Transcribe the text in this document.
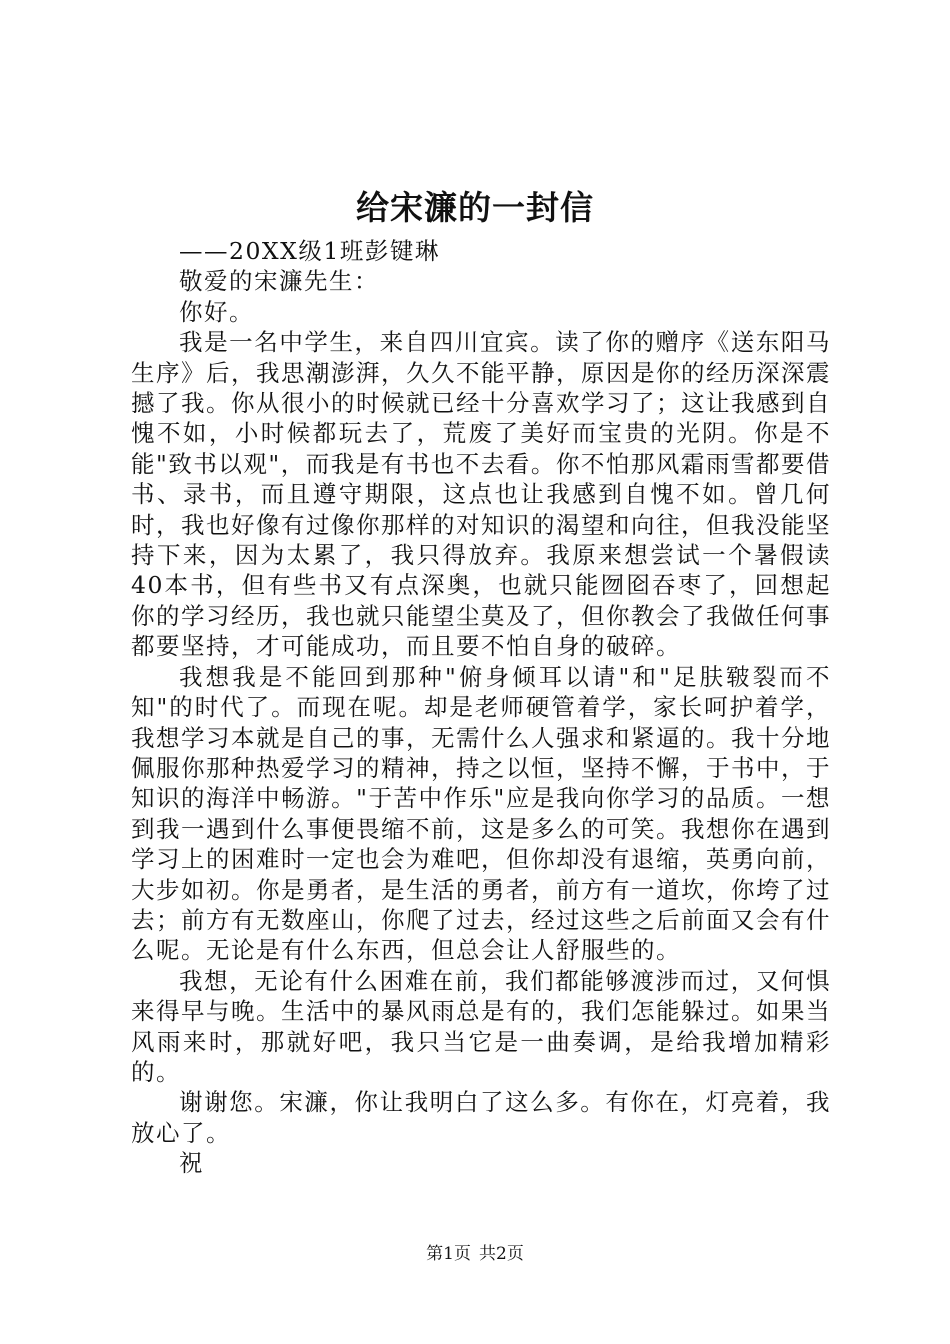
给宋濂的一封信

——20XX级1班彭键琳

敬爱的宋濂先生：

你好。

我是一名中学生，来自四川宜宾。读了你的赠序《送东阳马生序》后，我思潮澎湃，久久不能平静，原因是你的经历深深震撼了我。你从很小的时候就已经十分喜欢学习了；这让我感到自愧不如，小时候都玩去了，荒废了美好而宝贵的光阴。你是不能"致书以观"，而我是有书也不去看。你不怕那风霜雨雪都要借书、录书，而且遵守期限，这点也让我感到自愧不如。曾几何时，我也好像有过像你那样的对知识的渴望和向往，但我没能坚持下来，因为太累了，我只得放弃。我原来想尝试一个暑假读40本书，但有些书又有点深奥，也就只能囫囵吞枣了，回想起你的学习经历，我也就只能望尘莫及了，但你教会了我做任何事都要坚持，才可能成功，而且要不怕自身的破碎。

我想我是不能回到那种"俯身倾耳以请"和"足肤皲裂而不知"的时代了。而现在呢。却是老师硬管着学，家长呵护着学，我想学习本就是自己的事，无需什么人强求和紧逼的。我十分地佩服你那种热爱学习的精神，持之以恒，坚持不懈，于书中，于知识的海洋中畅游。"于苦中作乐"应是我向你学习的品质。一想到我一遇到什么事便畏缩不前，这是多么的可笑。我想你在遇到学习上的困难时一定也会为难吧，但你却没有退缩，英勇向前，大步如初。你是勇者，是生活的勇者，前方有一道坎，你垮了过去；前方有无数座山，你爬了过去，经过这些之后前面又会有什么呢。无论是有什么东西，但总会让人舒服些的。

我想，无论有什么困难在前，我们都能够渡涉而过，又何惧来得早与晚。生活中的暴风雨总是有的，我们怎能躲过。如果当风雨来时，那就好吧，我只当它是一曲奏调，是给我增加精彩的。

谢谢您。宋濂，你让我明白了这么多。有你在，灯亮着，我放心了。

祝

第1页 共2页
